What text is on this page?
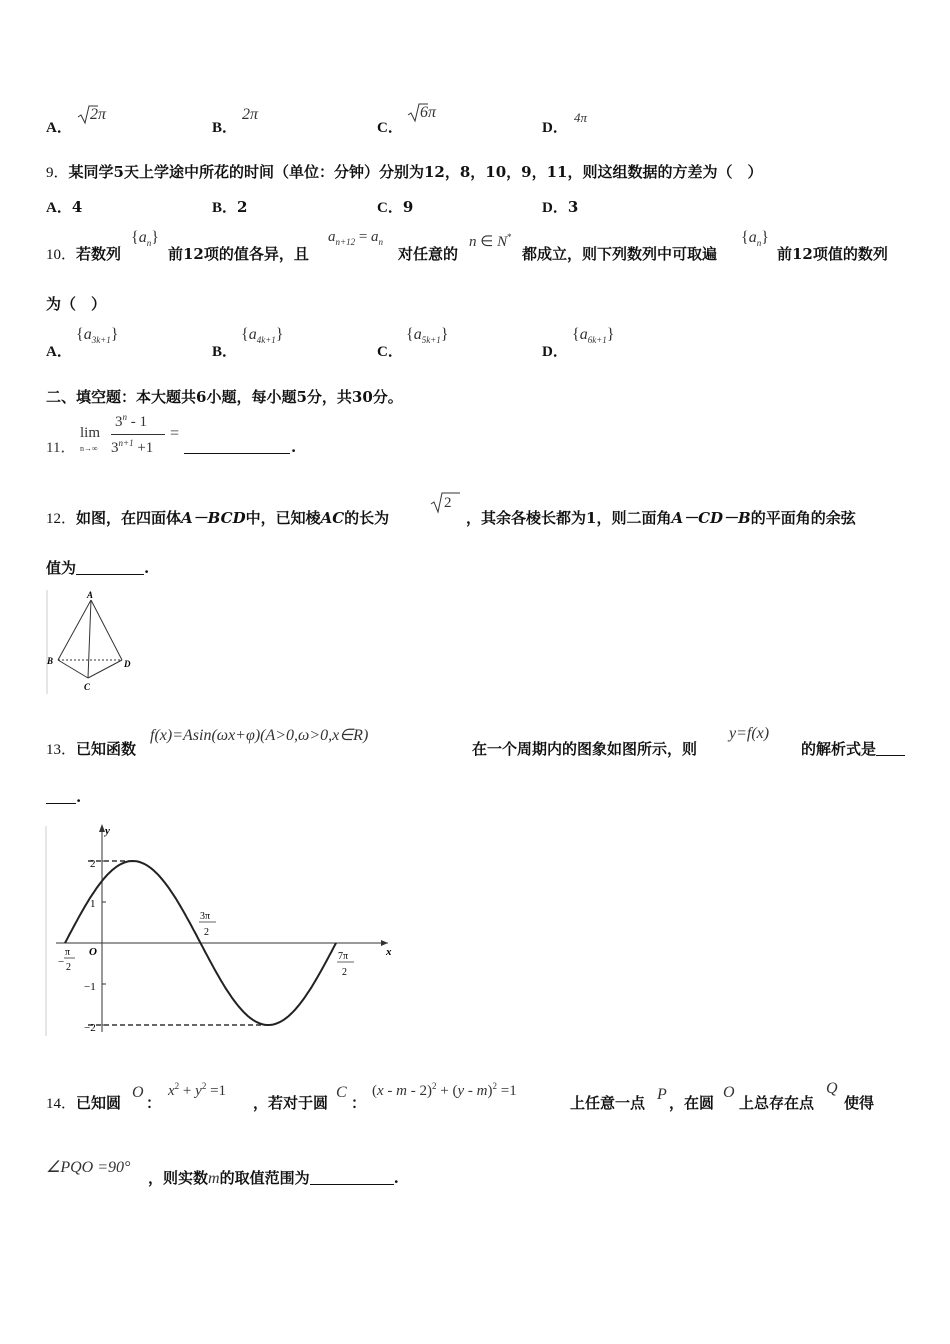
A．
2π
B．
2π
C．
6π
D．
4π
9．某同学5天上学途中所花的时间（单位：分钟）分别为12，8，10，9，11，则这组数据的方差为（　）
A．4	B．2	C．9	D．3
10．若数列
$\{a_n\}$
前12项的值各异，且
$a_{n+12} = a_n$
对任意的
n ∈ N*
都成立，则下列数列中可取遍
$\{a_n\}$
前12项值的数列
为（　）
A．
$\{a_{3k+1}\}$
B．
$\{a_{4k+1}\}$
C．
$\{a_{5k+1}\}$
D．
$\{a_{6k+1}\}$
二、填空题：本大题共6小题，每小题5分，共30分。
11．
lim
n→∞
3$^n$ - 1
$3^{n+1} +1$
=
.
12．如图，在四面体A－BCD中，已知棱AC的长为
2
，其余各棱长都为1，则二面角A－CD－B的平面角的余弦
值为	.
A
B
C
D
13．已知函数
f(x)=Asin(ωx+φ)(A>0,ω>0,x∈R)
在一个周期内的图象如图所示，则
y=f(x)
的解析式是
.
y
x
O
2
1
−1
−2
−
π
2
3π
2
7π
2
14．已知圆
O
：
$x^2 + y^2 =1$
，若对于圆
C
：
(x - m - 2)$^2$ + (y - m)$^2$ =1
上任意一点 P ，在圆
O
上总存在点
Q
使得
∠PQO =90°
，则实数m的取值范围为	.
